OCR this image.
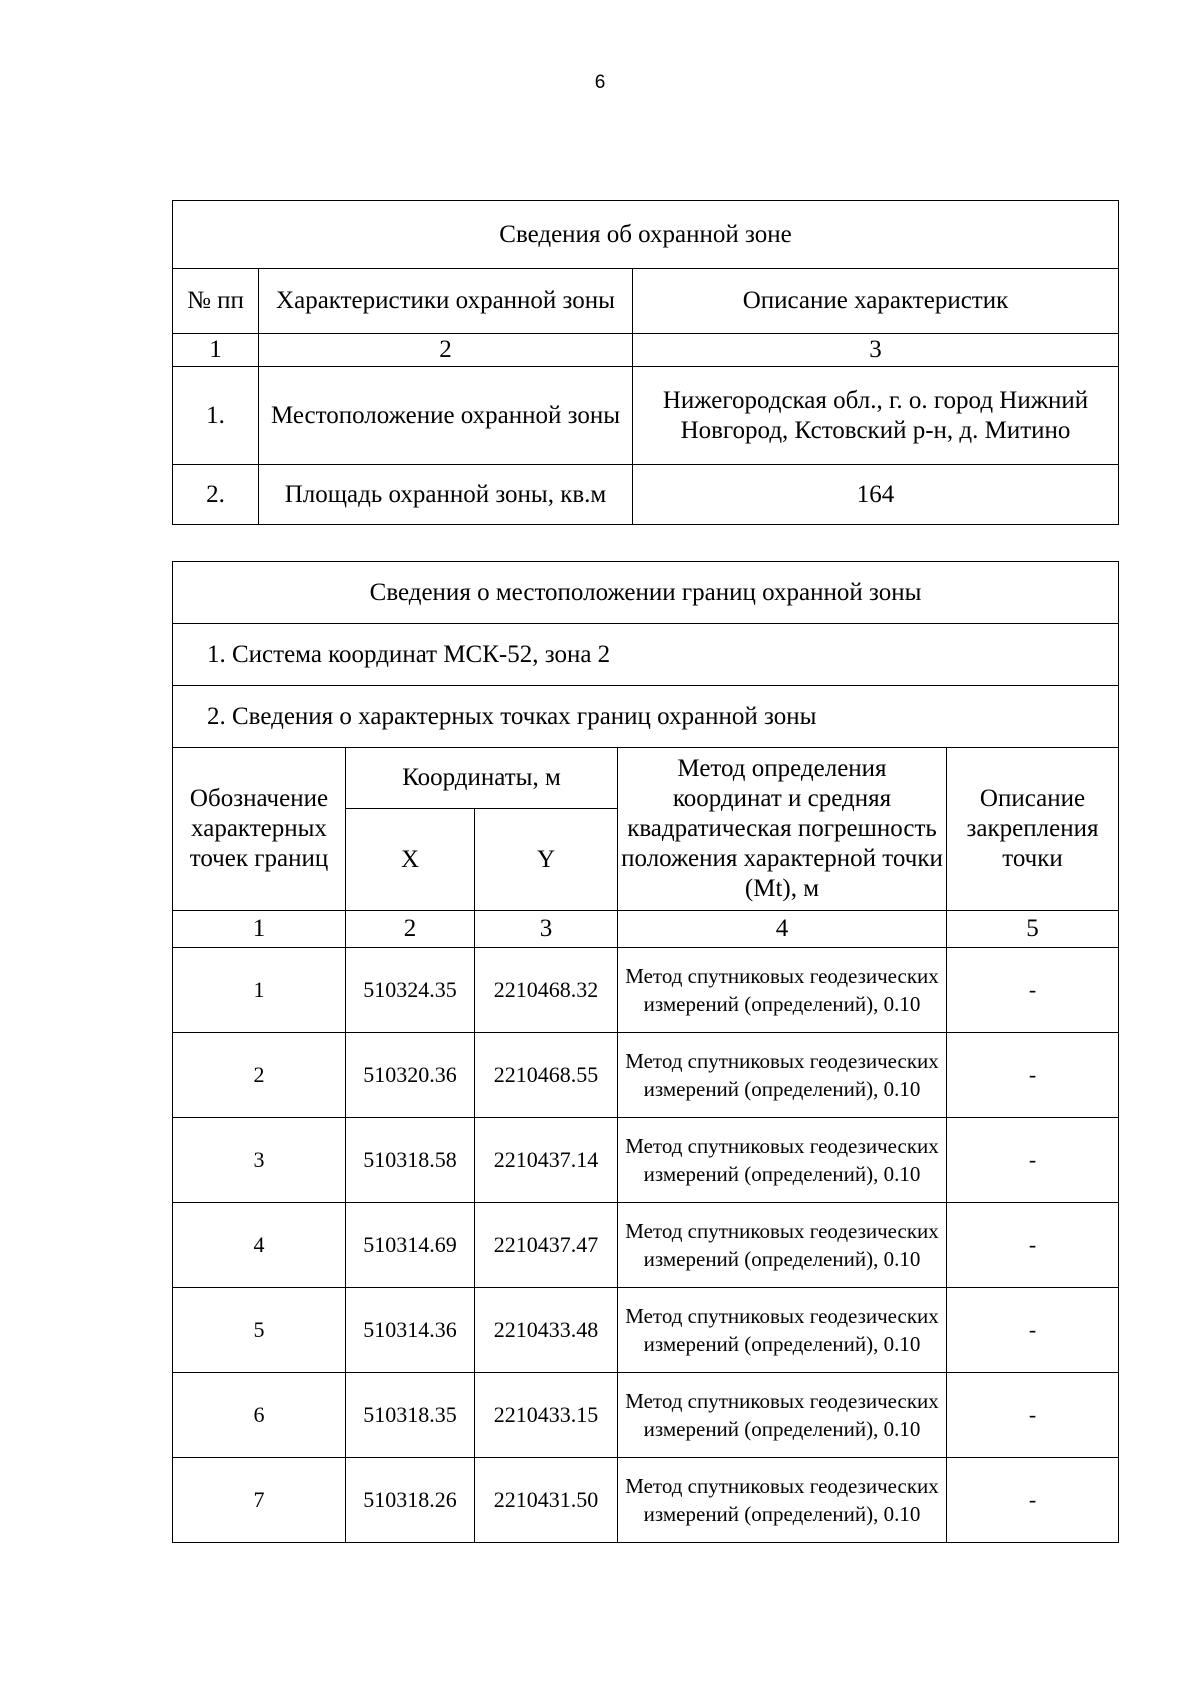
6
Сведения об охранной зоне		
№ пп	Характеристики охранной зоны	Описание характеристик
1	2	3
1.	Местоположение охранной зоны	Нижегородская обл., г. о. город Нижний Новгород, Кстовский р-н, д. Митино
2.	Площадь охранной зоны, кв.м	164
Сведения о местоположении границ охранной зоны				
1. Система координат МСК-52, зона 2				
2. Сведения о характерных точках границ охранной зоны				
Обозначение характерных точек границ	Координаты, м		Метод определения координат и средняя квадратическая погрешность положения характерной точки (Mt), м	Описание закрепления точки
	X	Y		
1	2	3	4	5
1	510324.35	2210468.32	Метод спутниковых геодезических измерений (определений), 0.10	-
2	510320.36	2210468.55	Метод спутниковых геодезических измерений (определений), 0.10	-
3	510318.58	2210437.14	Метод спутниковых геодезических измерений (определений), 0.10	-
4	510314.69	2210437.47	Метод спутниковых геодезических измерений (определений), 0.10	-
5	510314.36	2210433.48	Метод спутниковых геодезических измерений (определений), 0.10	-
6	510318.35	2210433.15	Метод спутниковых геодезических измерений (определений), 0.10	-
7	510318.26	2210431.50	Метод спутниковых геодезических измерений (определений), 0.10	-
